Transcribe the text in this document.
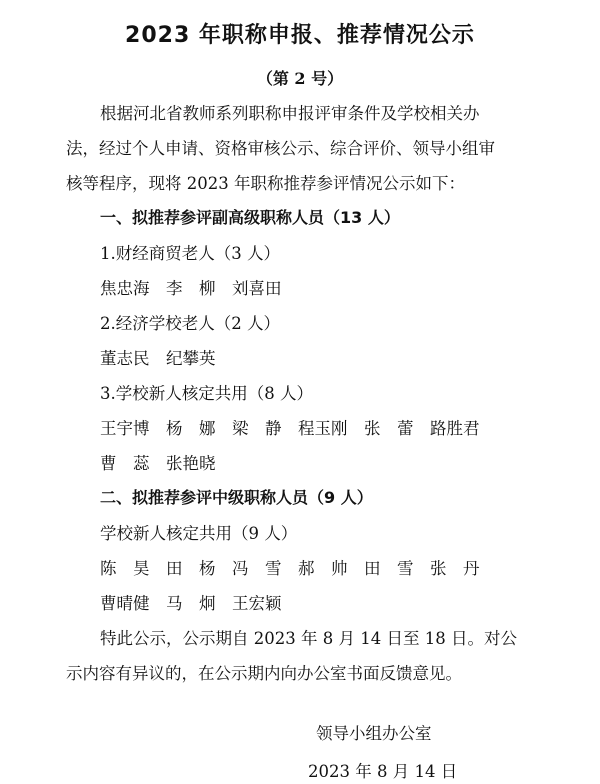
2023 年职称申报、推荐情况公示
（第 2 号）
根据河北省教师系列职称申报评审条件及学校相关办
法，经过个人申请、资格审核公示、综合评价、领导小组审
核等程序，现将 2023 年职称推荐参评情况公示如下：
一、拟推荐参评副高级职称人员（13 人）
1.财经商贸老人（3 人）
焦忠海　李　柳　刘喜田
2.经济学校老人（2 人）
董志民　纪攀英
3.学校新人核定共用（8 人）
王宇博　杨　娜　梁　静　程玉刚　张　蕾　路胜君
曹　蕊　张艳晓
二、拟推荐参评中级职称人员（9 人）
学校新人核定共用（9 人）
陈　昊　田　杨　冯　雪　郝　帅　田　雪　张　丹
曹晴健　马　炯　王宏颖
特此公示，公示期自 2023 年 8 月 14 日至 18 日。对公
示内容有异议的，在公示期内向办公室书面反馈意见。
领导小组办公室
2023 年 8 月 14 日
